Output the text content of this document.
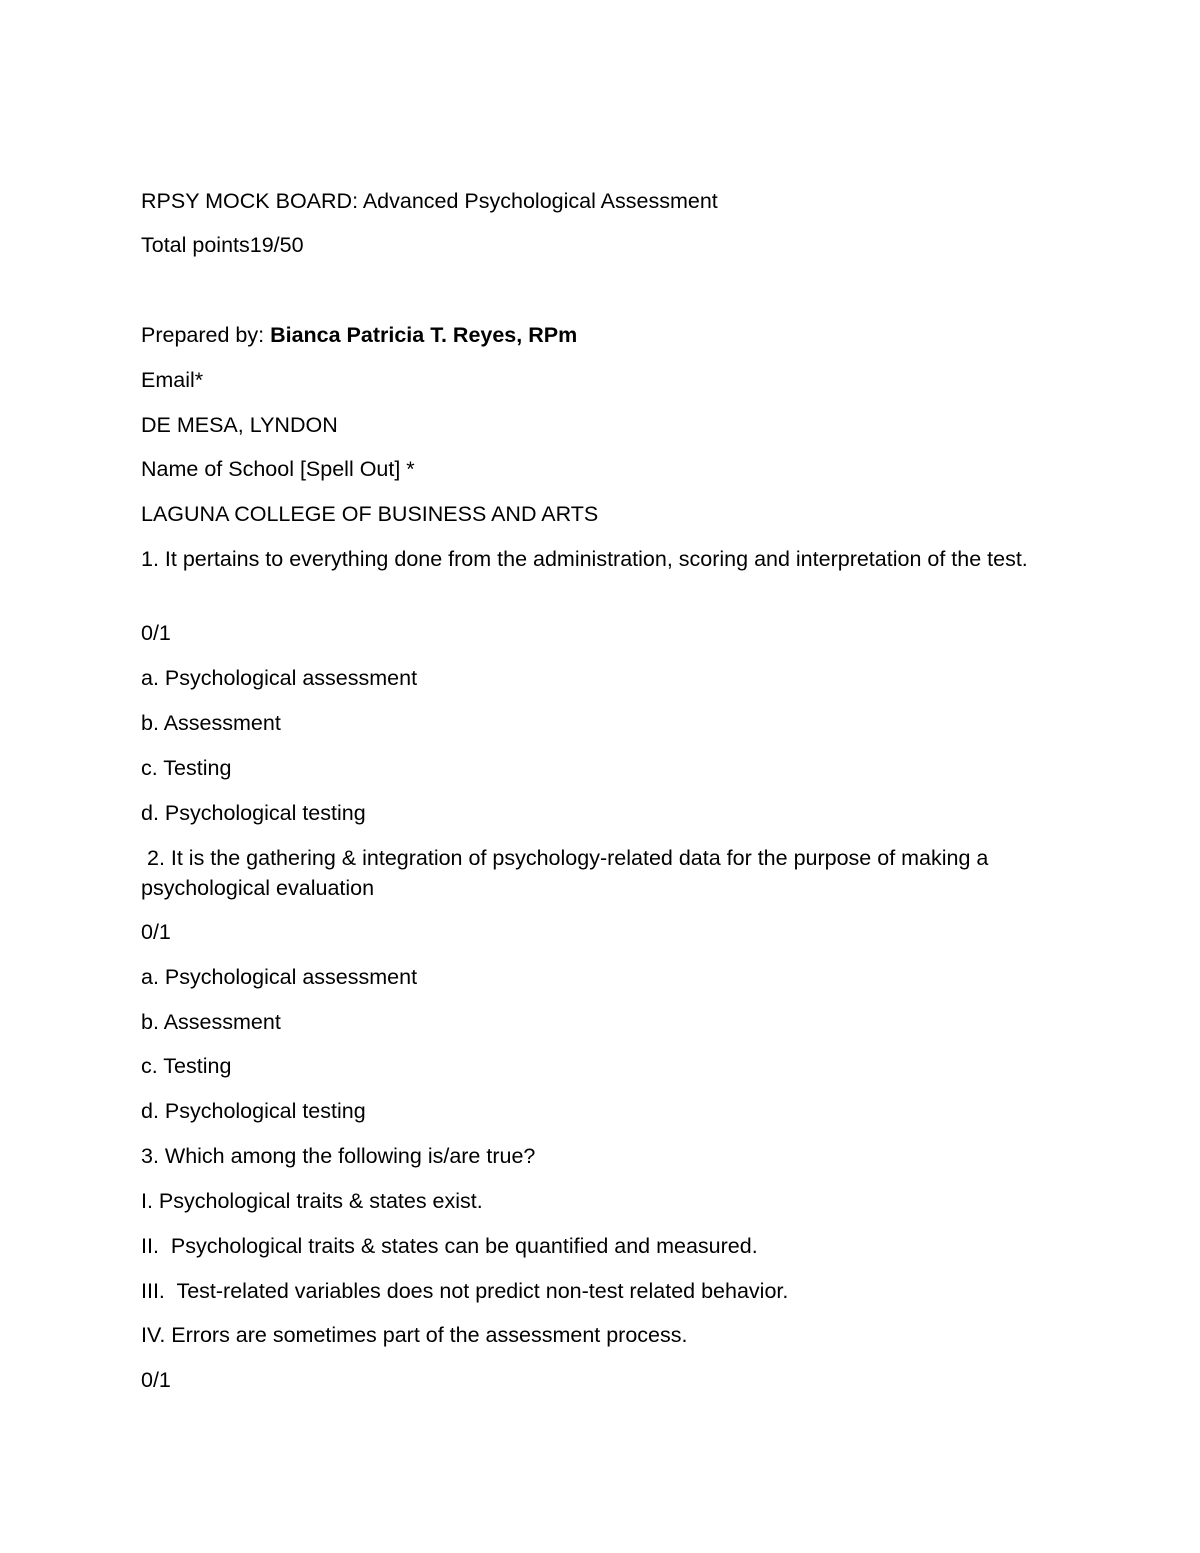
RPSY MOCK BOARD: Advanced Psychological Assessment
Total points19/50
Prepared by: Bianca Patricia T. Reyes, RPm
Email*
DE MESA, LYNDON
Name of School [Spell Out] *
LAGUNA COLLEGE OF BUSINESS AND ARTS
1. It pertains to everything done from the administration, scoring and interpretation of the test.
0/1
a. Psychological assessment
b. Assessment
c. Testing
d. Psychological testing
2. It is the gathering & integration of psychology-related data for the purpose of making a psychological evaluation
0/1
a. Psychological assessment
b. Assessment
c. Testing
d. Psychological testing
3. Which among the following is/are true?
I. Psychological traits & states exist.
II.  Psychological traits & states can be quantified and measured.
III.  Test-related variables does not predict non-test related behavior.
IV. Errors are sometimes part of the assessment process.
0/1
